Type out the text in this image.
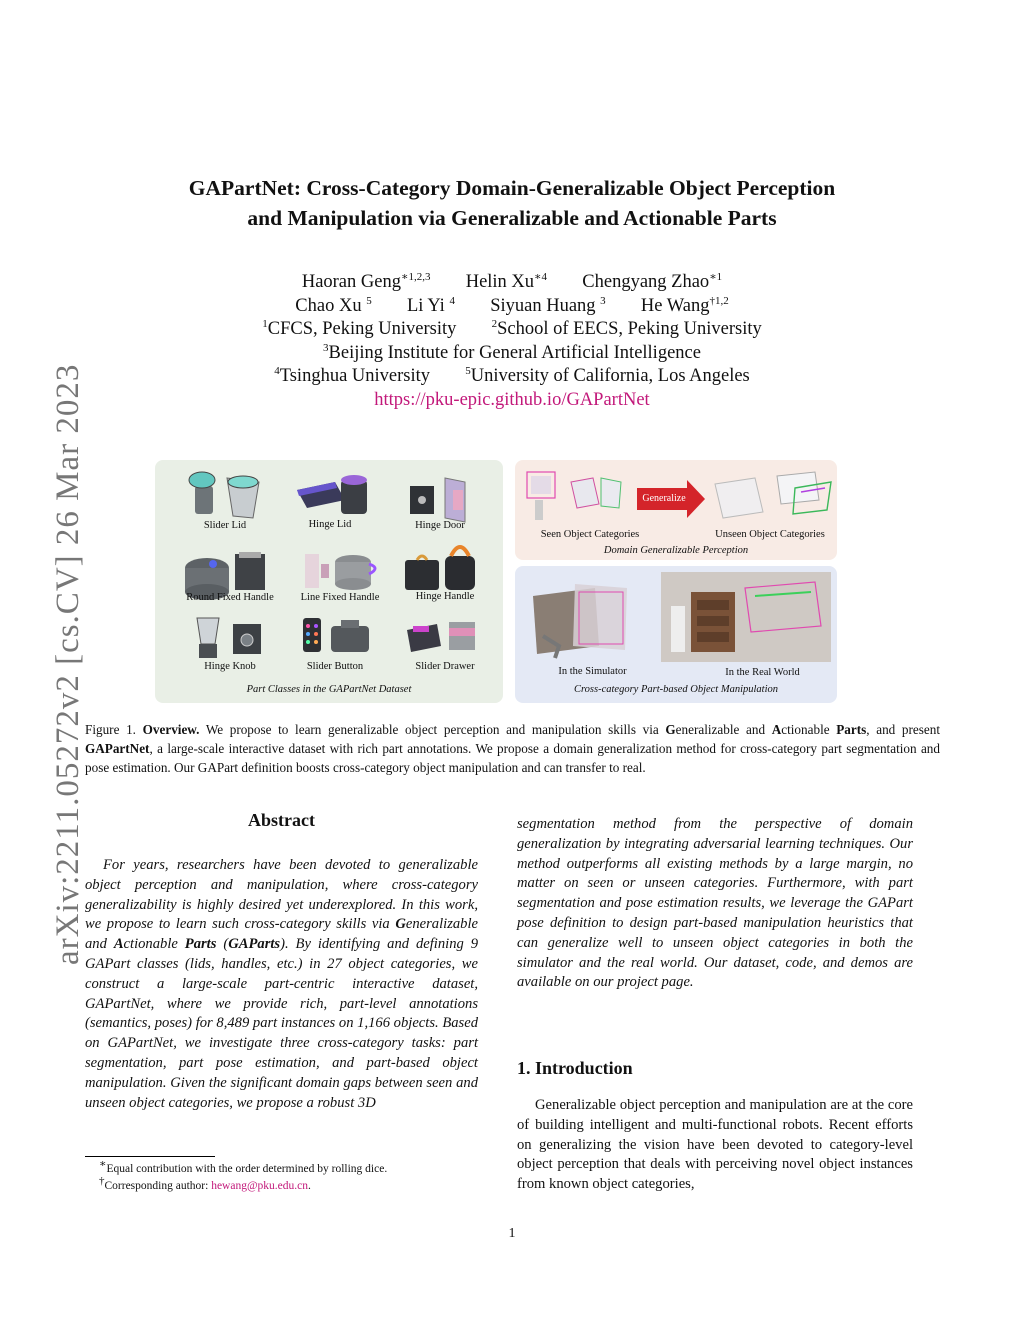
arXiv:2211.05272v2 [cs.CV] 26 Mar 2023
GAPartNet: Cross-Category Domain-Generalizable Object Perception
and Manipulation via Generalizable and Actionable Parts
Haoran Geng$^{∗1,2,3}$ Helin $Xu^{∗4}$ Chengyang Zhao$^{∗1}$
Chao Xu $^5$ Li Yi $^4$ Siyuan Huang $^3$ He Wang$^{\dagger 1,2}$
$^1$CFCS, Peking University	$^2$School of EECS, Peking University
$^3$Beijing Institute for General Artificial Intelligence
$^4$Tsinghua University	$^5$University of California, Los Angeles
https://pku-epic.github.io/GAPartNet
Slider Lid	Hinge Lid	Hinge Door
Round Fixed Handle	Line Fixed Handle	Hinge Handle
Hinge Knob	Slider Button	Slider Drawer
Part Classes in the GAPartNet Dataset
Generalize
Seen Object Categories	Unseen Object Categories
Domain Generalizable Perception
In the Simulator	In the Real World
Cross-category Part-based Object Manipulation
Figure 1. Overview. We propose to learn generalizable object perception and manipulation skills via Generalizable and Actionable Parts, and present GAPartNet, a large-scale interactive dataset with rich part annotations. We propose a domain generalization method for cross-category part segmentation and pose estimation. Our GAPart definition boosts cross-category object manipulation and can transfer to real.
Abstract
For years, researchers have been devoted to generalizable object perception and manipulation, where cross-category generalizability is highly desired yet underexplored. In this work, we propose to learn such cross-category skills via Generalizable and Actionable Parts (GAParts). By identifying and defining 9 GAPart classes (lids, handles, etc.) in 27 object categories, we construct a large-scale part-centric interactive dataset, GAPartNet, where we provide rich, part-level annotations (semantics, poses) for 8,489 part instances on 1,166 objects. Based on GAPartNet, we investigate three cross-category tasks: part segmentation, part pose estimation, and part-based object manipulation. Given the significant domain gaps between seen and unseen object categories, we propose a robust 3D
∗Equal contribution with the order determined by rolling dice.
†Corresponding author: hewang@pku.edu.cn.
segmentation method from the perspective of domain generalization by integrating adversarial learning techniques. Our method outperforms all existing methods by a large margin, no matter on seen or unseen categories. Furthermore, with part segmentation and pose estimation results, we leverage the GAPart pose definition to design part-based manipulation heuristics that can generalize well to unseen object categories in both the simulator and the real world. Our dataset, code, and demos are available on our project page.
1. Introduction
Generalizable object perception and manipulation are at the core of building intelligent and multi-functional robots. Recent efforts on generalizing the vision have been devoted to category-level object perception that deals with perceiving novel object instances from known object categories,
1
